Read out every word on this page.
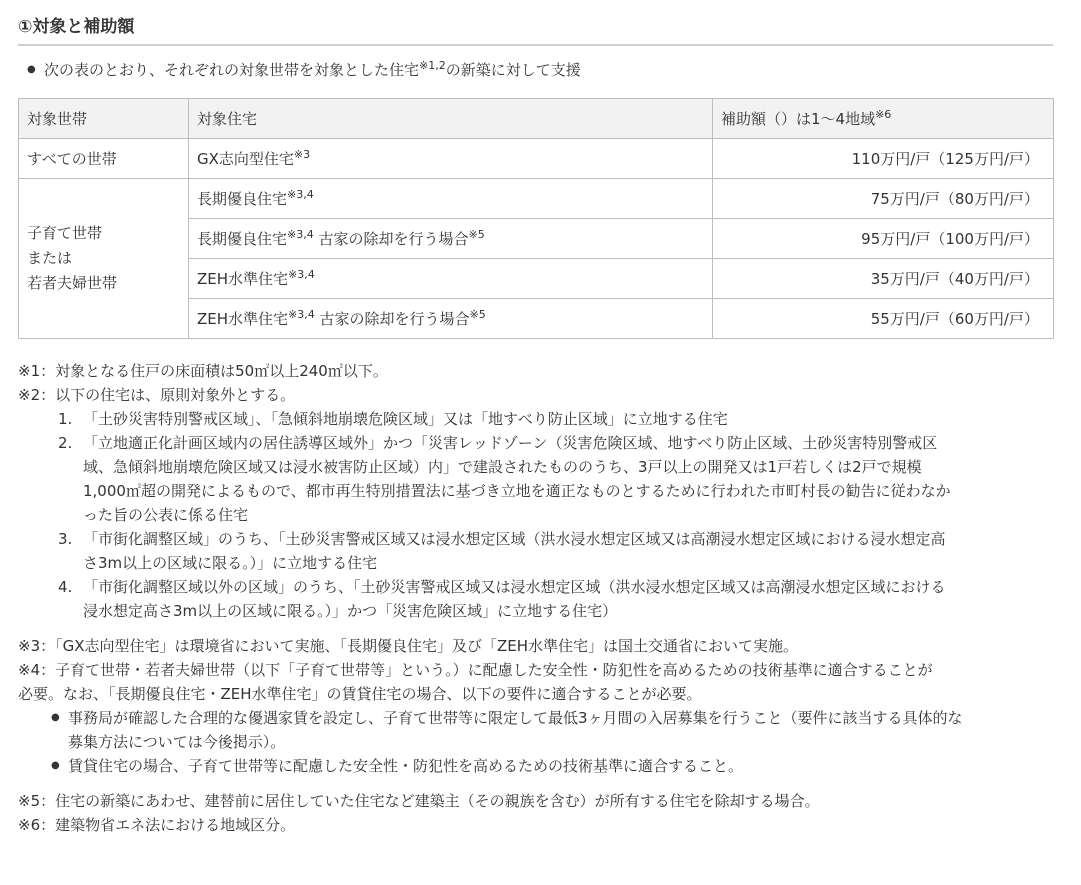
①対象と補助額
● 次の表のとおり、それぞれの対象世帯を対象とした住宅$^{※1,2}$の新築に対して支援
対象世帯	対象住宅	補助額（）は1～4地域$^{※6}$
すべての世帯	GX志向型住宅$^{※3}$	110万円/戸（125万円/戸）

子育て世帯
または
若者夫婦世帯	長期優良住宅$^{※3,4}$	75万円/戸（80万円/戸）
	長期優良住宅$^{※3,4}$ 古家の除却を行う場合$^{※5}$	95万円/戸（100万円/戸）
	ZEH水準住宅$^{※3,4}$	35万円/戸（40万円/戸）
	ZEH水準住宅$^{※3,4}$ 古家の除却を行う場合$^{※5}$	55万円/戸（60万円/戸）
※1：対象となる住戸の床面積は50㎡以上240㎡以下。
※2：以下の住宅は、原則対象外とする。
1. 「土砂災害特別警戒区域」、「急傾斜地崩壊危険区域」又は「地すべり防止区域」に立地する住宅
2. 「立地適正化計画区域内の居住誘導区域外」かつ「災害レッドゾーン（災害危険区域、地すべり防止区域、土砂災害特別警戒区
域、急傾斜地崩壊危険区域又は浸水被害防止区域）内」で建設されたもののうち、3戸以上の開発又は1戸若しくは2戸で規模
1,000㎡超の開発によるもので、都市再生特別措置法に基づき立地を適正なものとするために行われた市町村長の勧告に従わなか
った旨の公表に係る住宅
3. 「市街化調整区域」のうち、「土砂災害警戒区域又は浸水想定区域（洪水浸水想定区域又は高潮浸水想定区域における浸水想定高
さ3m以上の区域に限る。）」に立地する住宅
4. 「市街化調整区域以外の区域」のうち、「土砂災害警戒区域又は浸水想定区域（洪水浸水想定区域又は高潮浸水想定区域における
浸水想定高さ3m以上の区域に限る。）」かつ「災害危険区域」に立地する住宅）
※3：「GX志向型住宅」は環境省において実施、「長期優良住宅」及び「ZEH水準住宅」は国土交通省において実施。
※4：子育て世帯・若者夫婦世帯（以下「子育て世帯等」という。）に配慮した安全性・防犯性を高めるための技術基準に適合することが
必要。なお、「長期優良住宅・ZEH水準住宅」の賃貸住宅の場合、以下の要件に適合することが必要。
● 事務局が確認した合理的な優遇家賃を設定し、子育て世帯等に限定して最低3ヶ月間の入居募集を行うこと（要件に該当する具体的な
募集方法については今後掲示）。
● 賃貸住宅の場合、子育て世帯等に配慮した安全性・防犯性を高めるための技術基準に適合すること。
※5：住宅の新築にあわせ、建替前に居住していた住宅など建築主（その親族を含む）が所有する住宅を除却する場合。
※6：建築物省エネ法における地域区分。
